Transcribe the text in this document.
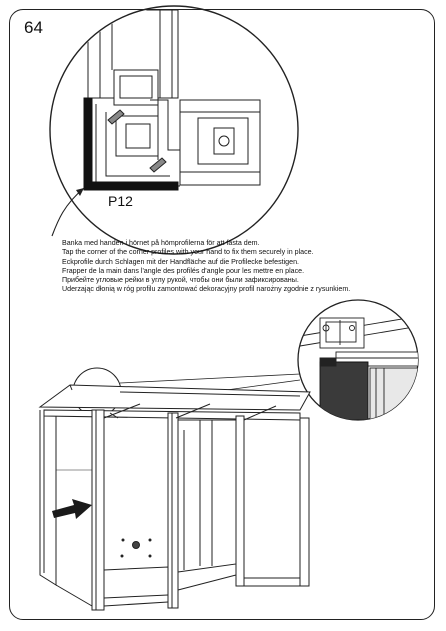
64
P12
Banka med handen i hörnet på hömprofilerna för att fästa dem.
Tap the corner of the corner profiles with your hand to fix them securely in place.
Eckprofile durch Schlagen mit der Handfläche auf die Profilecke befestigen.
Frapper de la main dans l'angle des profilés d'angle pour les mettre en place.
Прибейте угловые рейки в углу рукой, чтобы они были зафиксированы.
Uderzając dłonią w róg profilu zamontować dekoracyjny profil narożny zgodnie z rysunkiem.
